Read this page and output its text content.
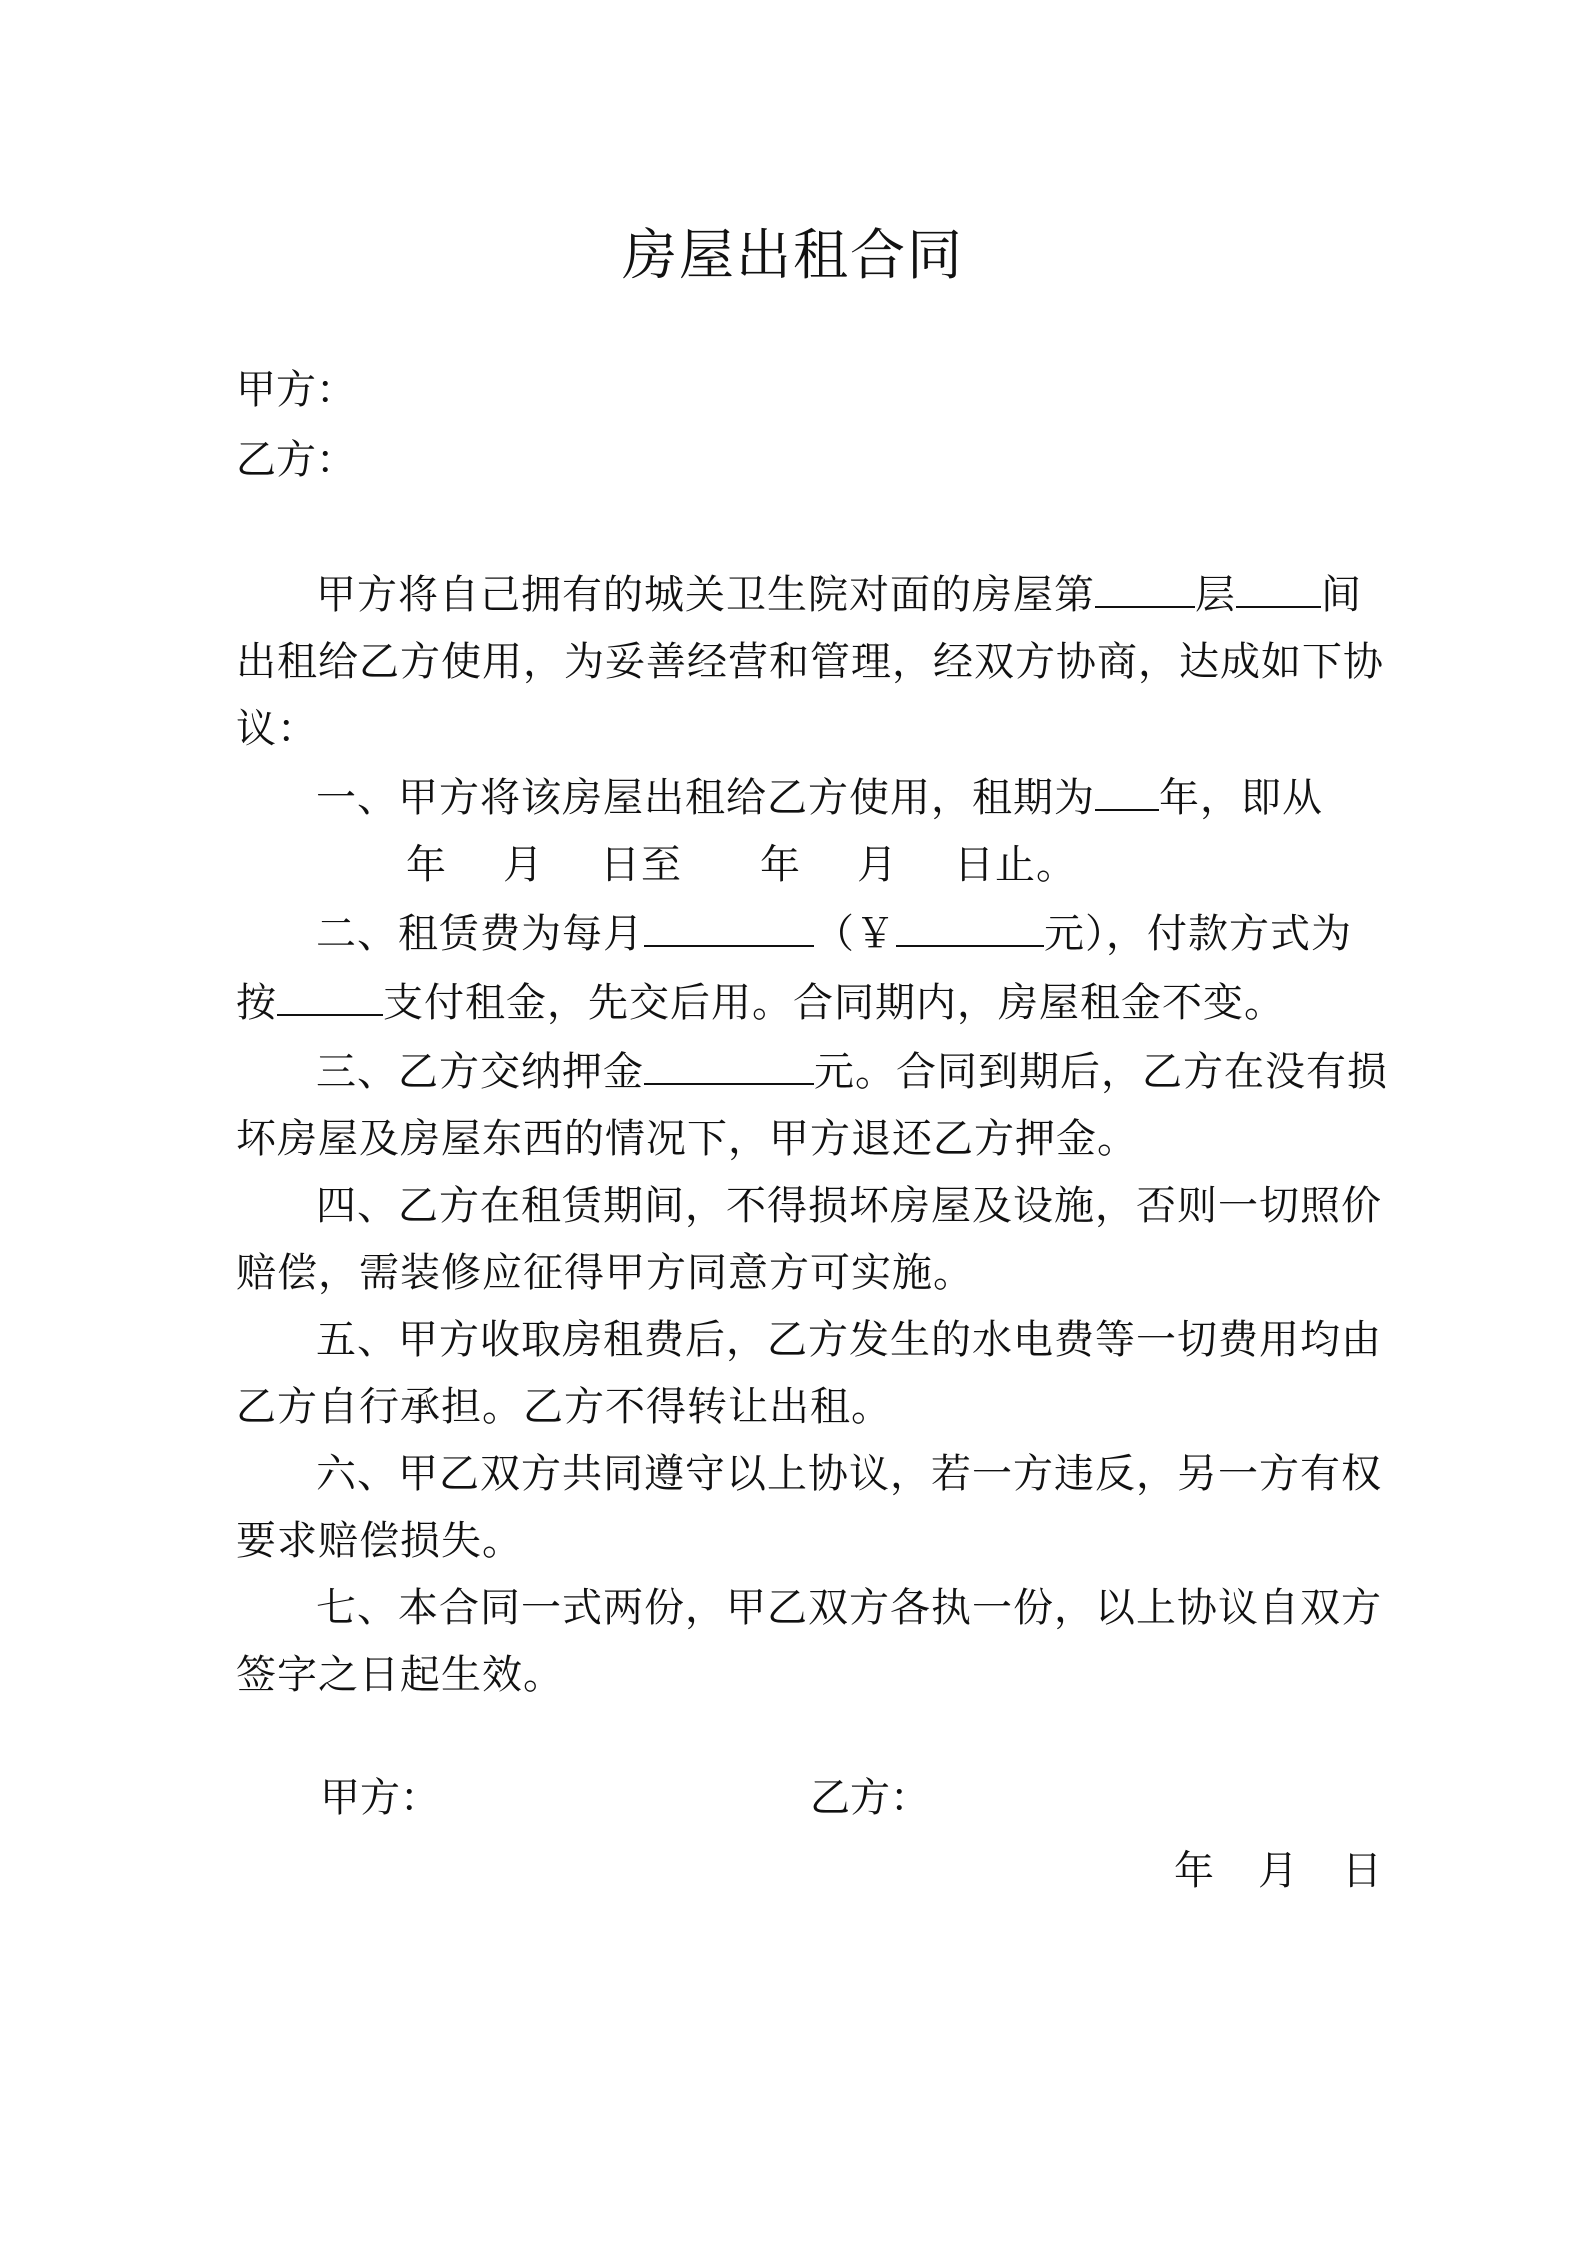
房屋出租合同
甲方：
乙方：

甲方将自己拥有的城关卫生院对面的房屋第	层 间出租给乙方使用，为妥善经营和管理，经双方协商，达成如下协议：

一、甲方将该房屋出租给乙方使用，租期为 年，即从

年 月 日至 年 月 日止。

二、租赁费为每月	（￥	元），付款方式为按	支付租金，先交后用。合同期内，房屋租金不变。

三、乙方交纳押金	元。合同到期后，乙方在没有损坏房屋及房屋东西的情况下，甲方退还乙方押金。

四、乙方在租赁期间，不得损坏房屋及设施，否则一切照价赔偿，需装修应征得甲方同意方可实施。

五、甲方收取房租费后，乙方发生的水电费等一切费用均由乙方自行承担。乙方不得转让出租。

六、甲乙双方共同遵守以上协议，若一方违反，另一方有权要求赔偿损失。

七、本合同一式两份，甲乙双方各执一份，以上协议自双方签字之日起生效。

甲方：	乙方：
年 月 日
